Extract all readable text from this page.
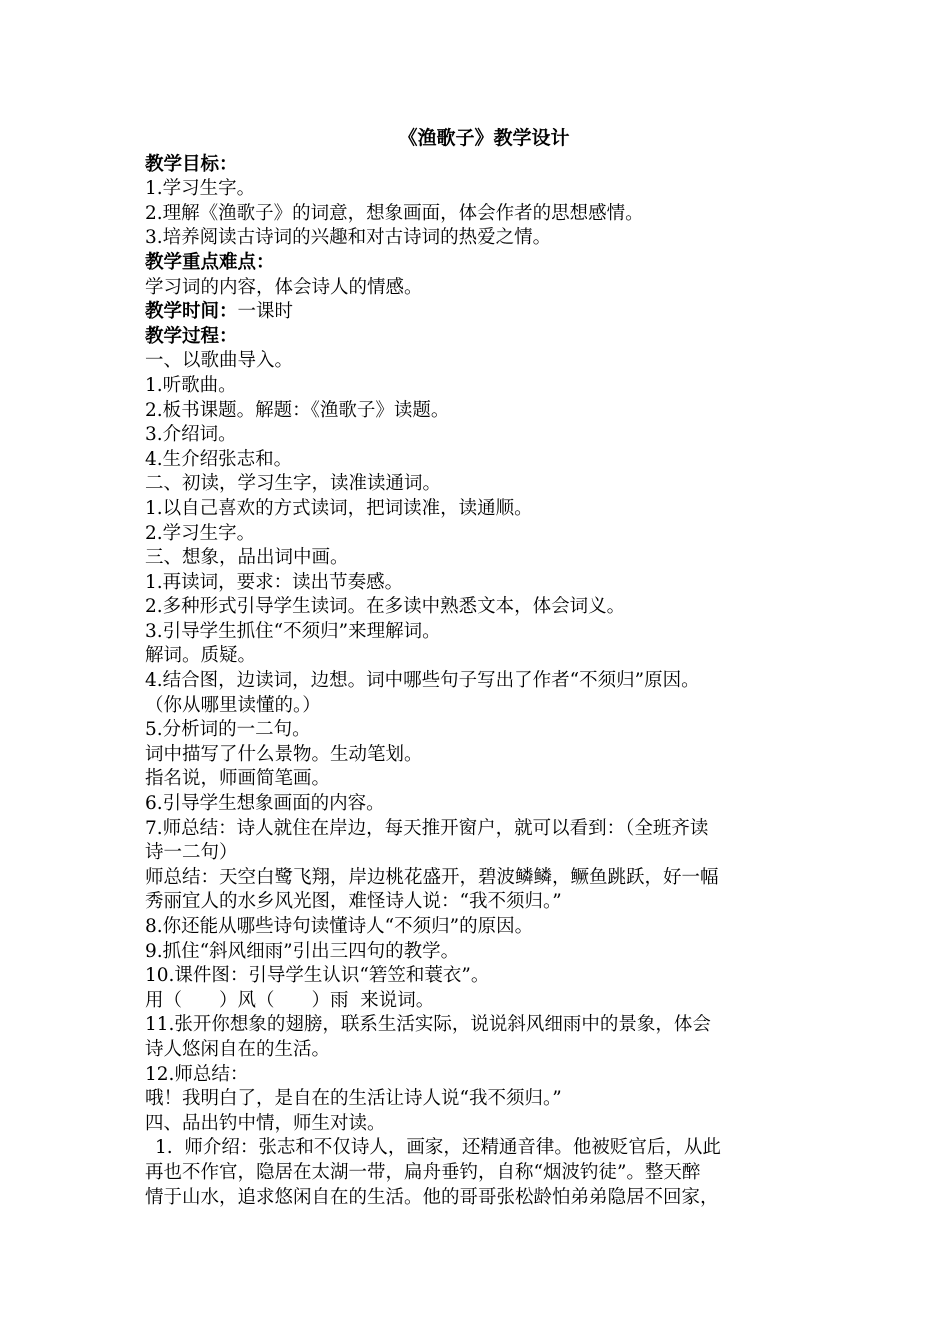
《渔歌子》教学设计
教学目标：
1.学习生字。
2.理解《渔歌子》的词意，想象画面，体会作者的思想感情。
3.培养阅读古诗词的兴趣和对古诗词的热爱之情。
教学重点难点：
学习词的内容，体会诗人的情感。
教学时间：一课时
教学过程：
一、以歌曲导入。
1.听歌曲。
2.板书课题。解题：《渔歌子》读题。
3.介绍词。
4.生介绍张志和。
二、初读，学习生字，读准读通词。
1.以自己喜欢的方式读词，把词读准，读通顺。
2.学习生字。
三、想象，品出词中画。
1.再读词，要求：读出节奏感。
2.多种形式引导学生读词。在多读中熟悉文本，体会词义。
3.引导学生抓住“不须归”来理解词。
解词。质疑。
4.结合图，边读词，边想。词中哪些句子写出了作者“不须归”原因。
（你从哪里读懂的。）
5.分析词的一二句。
词中描写了什么景物。生动笔划。
指名说，师画简笔画。
6.引导学生想象画面的内容。
7.师总结：诗人就住在岸边，每天推开窗户，就可以看到：（全班齐读
诗一二句）
师总结：天空白鹭飞翔，岸边桃花盛开，碧波鳞鳞，鳜鱼跳跃，好一幅
秀丽宜人的水乡风光图，难怪诗人说：“我不须归。”
8.你还能从哪些诗句读懂诗人“不须归”的原因。
9.抓住“斜风细雨”引出三四句的教学。
10.课件图：引导学生认识“箬笠和蓑衣”。
用（　　）风（　　）雨  来说词。
11.张开你想象的翅膀，联系生活实际，说说斜风细雨中的景象，体会
诗人悠闲自在的生活。
12.师总结：
哦！我明白了，是自在的生活让诗人说“我不须归。”
四、品出钓中情，师生对读。
1.  师介绍：张志和不仅诗人，画家，还精通音律。他被贬官后，从此
再也不作官，隐居在太湖一带，扁舟垂钓，自称“烟波钓徒”。整天醉
情于山水，追求悠闲自在的生活。他的哥哥张松龄怕弟弟隐居不回家，
